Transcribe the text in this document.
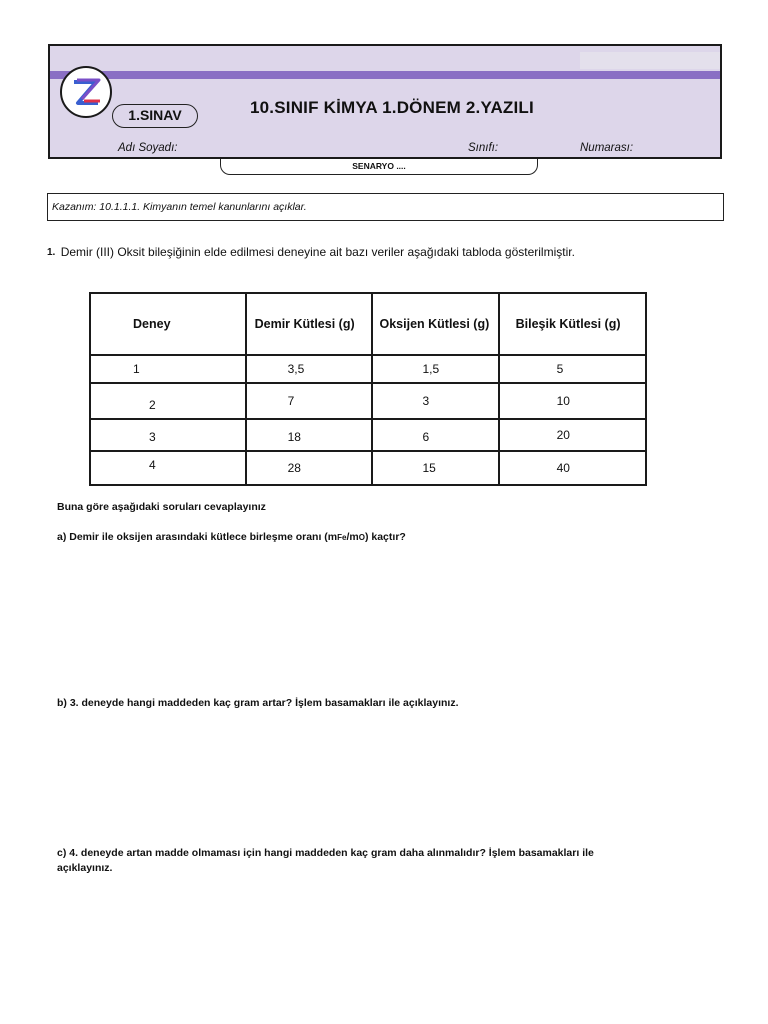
1.SINAV	10.SINIF KİMYA 1.DÖNEM 2.YAZILI
Adı Soyadı:	Sınıfı:	Numarası:
SENARYO ....
Kazanım: 10.1.1.1. Kimyanın temel kanunlarını açıklar.
1. Demir (III) Oksit bileşiğinin elde edilmesi deneyine ait bazı veriler aşağıdaki tabloda gösterilmiştir.
Deney	Demir Kütlesi (g)	Oksijen Kütlesi (g)	Bileşik Kütlesi (g)
1	3,5	1,5	5
2	7	3	10
3	18	6	20
4	28	15	40
Buna göre aşağıdaki soruları cevaplayınız
a) Demir ile oksijen arasındaki kütlece birleşme oranı (mFe/mO) kaçtır?
b) 3. deneyde hangi maddeden kaç gram artar? İşlem basamakları ile açıklayınız.
c) 4. deneyde artan madde olmaması için hangi maddeden kaç gram daha alınmalıdır? İşlem basamakları ile
açıklayınız.
